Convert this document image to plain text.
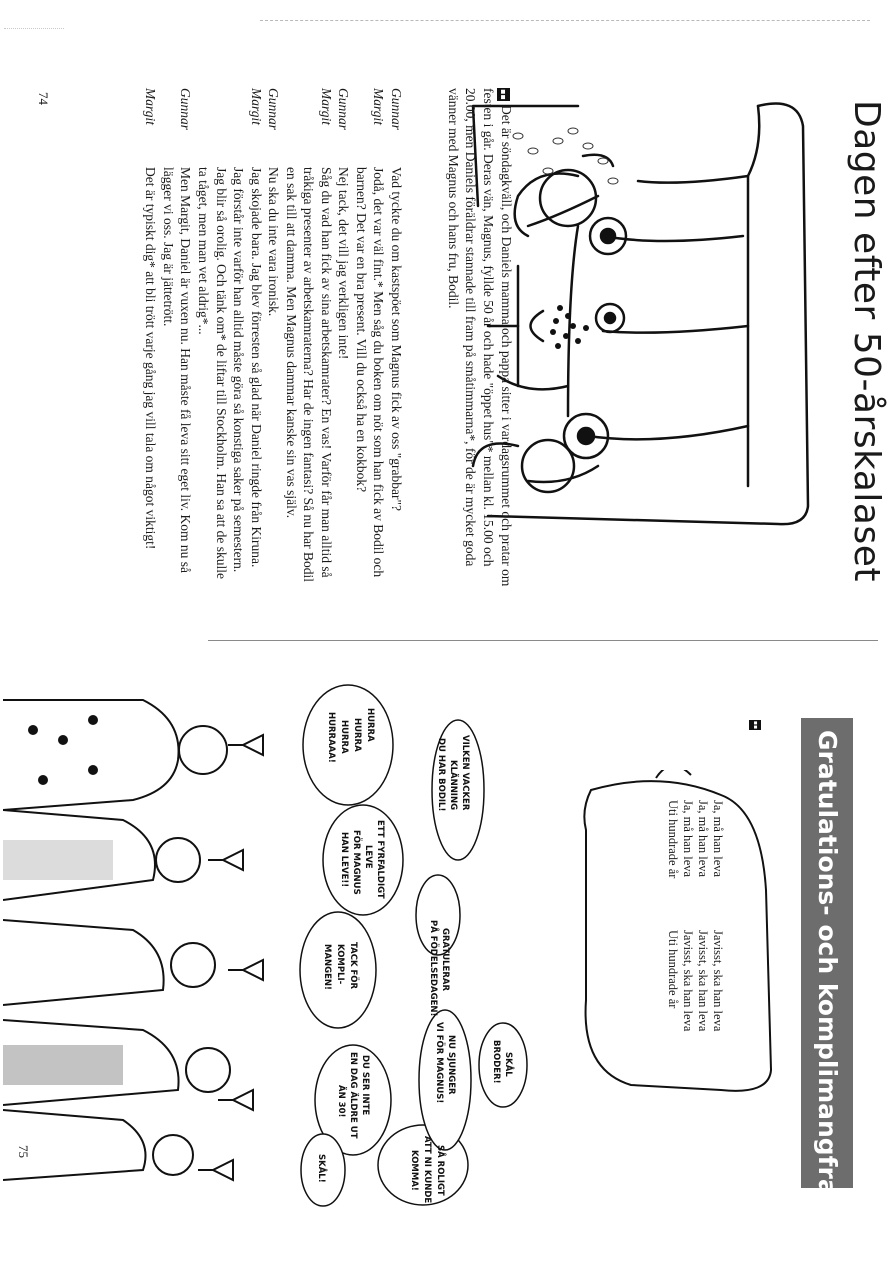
Dagen efter 50-årskalaset
▪▪Det är söndagkväll, och Daniels mamma och pappa sitter i vardagsrummet och pratar om festen i går. Deras vän, Magnus, fyllde 50 år och hade "öppet hus"* mellan kl. 15.00 och 20.00, men Daniels föräldrar stannade till fram på småtimmarna*, för de är mycket goda vänner med Magnus och hans fru, Bodil.
Gunnar
Vad tyckte du om kastspöet som Magnus fick av oss "grabbar"?
Margit
Jodå, det var väl fint.* Men såg du boken om nöt som han fick av Bodil och barnen? Det var en bra present. Vill du också ha en kokbok?
Gunnar
Nej tack, det vill jag verkligen inte!
Margit
Såg du vad han fick av sina arbetskamrater? En vas! Varför får man alltid så tråkiga presenter av arbetskamraterna? Har de ingen fantasi? Så nu har Bodil en sak till att damma. Men Magnus dammar kanske sin vas själv.
Gunnar
Nu ska du inte vara ironisk.
Margit
Jag skojade bara. Jag blev förresten så glad när Daniel ringde från Kiruna. Jag förstår inte varför han alltid måste göra så konstiga saker på semestern. Jag blir så orolig. Och tänk om* de liftar till Stockholm. Han sa att de skulle ta tåget, men man vet aldrig*...
Gunnar
Men Margit, Daniel är vuxen nu. Han måste få leva sitt eget liv. Kom nu så lägger vi oss. Jag är jättetrött.
Margit
Det är typiskt dig* att bli trött varje gång jag vill tala om något viktigt!
74
Gratulations- och komplimangfraser
▪▪
Ja, må han leva
Ja, må han leva
Ja, må han leva
Uti hundrade år
Javisst, ska han leva
Javisst, ska han leva
Javisst, ska han leva
Uti hundrade år
HURRA
HURRA
HURRA
HURRAAA!
ETT FYRFALDIGT
LEVE
FÖR MAGNUS
HAN LEVE!!
GRATULERAR
PÅ FÖDELSEDAGEN!
VILKEN VACKER
KLÄNNING
DU HAR BODIL!
TACK FÖR
KOMPLI-
MANGEN!
DU SER INTE
EN DAG ÄLDRE UT
ÄN 30!
SÅ ROLIGT
ATT NI KUNDE
KOMMA!
NU SJUNGER
VI FÖR MAGNUS!	SKÅL
BRODER!
SKÅL!
75
